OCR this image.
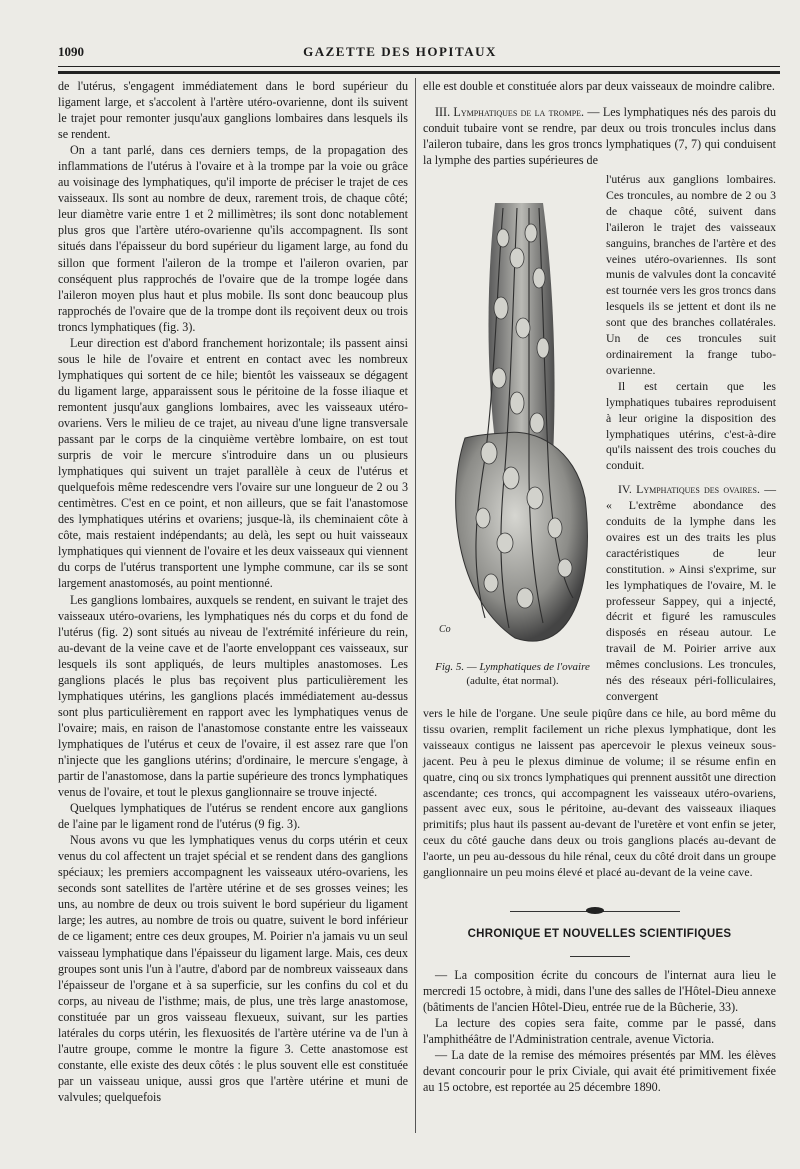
1090	GAZETTE DES HOPITAUX

de l'utérus, s'engagent immédiatement dans le bord supérieur du ligament large, et s'accolent à l'artère utéro-ovarienne, dont ils suivent le trajet pour remonter jusqu'aux ganglions lombaires dans lesquels ils se rendent.

On a tant parlé, dans ces derniers temps, de la propagation des inflammations de l'utérus à l'ovaire et à la trompe par la voie ou grâce au voisinage des lymphatiques, qu'il importe de préciser le trajet de ces vaisseaux. Ils sont au nombre de deux, rarement trois, de chaque côté; leur diamètre varie entre 1 et 2 millimètres; ils sont donc notablement plus gros que l'artère utéro-ovarienne qu'ils accompagnent. Ils sont situés dans l'épaisseur du bord supérieur du ligament large, au fond du sillon que forment l'aileron de la trompe et l'aileron ovarien, par conséquent plus rapprochés de l'ovaire que de la trompe logée dans l'aileron moyen plus haut et plus mobile. Ils sont donc beaucoup plus rapprochés de l'ovaire que de la trompe dont ils reçoivent deux ou trois troncs lymphatiques (fig. 3).

Leur direction est d'abord franchement horizontale; ils passent ainsi sous le hile de l'ovaire et entrent en contact avec les nombreux lymphatiques qui sortent de ce hile; bientôt les vaisseaux se dégagent du ligament large, apparaissent sous le péritoine de la fosse iliaque et remontent jusqu'aux ganglions lombaires, avec les vaisseaux utéro-ovariens. Vers le milieu de ce trajet, au niveau d'une ligne transversale passant par le corps de la cinquième vertèbre lombaire, on est tout surpris de voir le mercure s'introduire dans un ou plusieurs lymphatiques qui suivent un trajet parallèle à ceux de l'utérus et quelquefois même redescendre vers l'ovaire sur une longueur de 2 ou 3 centimètres. C'est en ce point, et non ailleurs, que se fait l'anastomose des lymphatiques utérins et ovariens; jusque-là, ils cheminaient côte à côte, mais restaient indépendants; au delà, les sept ou huit vaisseaux lymphatiques qui viennent de l'ovaire et les deux vaisseaux qui viennent du corps de l'utérus transportent une lymphe commune, car ils se sont largement anastomosés, au point mentionné.

Les ganglions lombaires, auxquels se rendent, en suivant le trajet des vaisseaux utéro-ovariens, les lymphatiques nés du corps et du fond de l'utérus (fig. 2) sont situés au niveau de l'extrémité inférieure du rein, au-devant de la veine cave et de l'aorte enveloppant ces vaisseaux, sur lesquels ils sont appliqués, de leurs multiples anastomoses. Les ganglions placés le plus bas reçoivent plus particulièrement les lymphatiques utérins, les ganglions placés immédiatement au-dessus sont plus particulièrement en rapport avec les lymphatiques venus de l'ovaire; mais, en raison de l'anastomose constante entre les vaisseaux lymphatiques de l'utérus et ceux de l'ovaire, il est assez rare que l'on n'injecte que les ganglions utérins; d'ordinaire, le mercure s'engage, à partir de l'anastomose, dans la partie supérieure des troncs lymphatiques venus de l'ovaire, et tout le plexus ganglionnaire se trouve injecté.

Quelques lymphatiques de l'utérus se rendent encore aux ganglions de l'aine par le ligament rond de l'utérus (9 fig. 3).

Nous avons vu que les lymphatiques venus du corps utérin et ceux venus du col affectent un trajet spécial et se rendent dans des ganglions spéciaux; les premiers accompagnent les vaisseaux utéro-ovariens, les seconds sont satellites de l'artère utérine et de ses grosses veines; les uns, au nombre de deux ou trois suivent le bord supérieur du ligament large; les autres, au nombre de trois ou quatre, suivent le bord inférieur de ce ligament; entre ces deux groupes, M. Poirier n'a jamais vu un seul vaisseau lymphatique dans l'épaisseur du ligament large. Mais, ces deux groupes sont unis l'un à l'autre, d'abord par de nombreux vaisseaux dans l'épaisseur de l'organe et à sa superficie, sur les confins du col et du corps, au niveau de l'isthme; mais, de plus, une très large anastomose, constituée par un gros vaisseau flexueux, suivant, sur les parties latérales du corps utérin, les flexuosités de l'artère utérine va de l'un à l'autre groupe, comme le montre la figure 3. Cette anastomose est constante, elle existe des deux côtés : le plus souvent elle est constituée par un vaisseau unique, aussi gros que l'artère utérine et muni de valvules; quelquefois

elle est double et constituée alors par deux vaisseaux de moindre calibre.

III. Lymphatiques de la trompe. — Les lymphatiques nés des parois du conduit tubaire vont se rendre, par deux ou trois troncules inclus dans l'aileron tubaire, dans les gros troncs lymphatiques (7, 7) qui conduisent la lymphe des parties supérieures de

l'utérus aux ganglions lombaires. Ces troncules, au nombre de 2 ou 3 de chaque côté, suivent dans l'aileron le trajet des vaisseaux sanguins, branches de l'artère et des veines utéro-ovariennes. Ils sont munis de valvules dont la concavité est tournée vers les gros troncs dans lesquels ils se jettent et dont ils ne sont que des branches collatérales. Un de ces troncules suit ordinairement la frange tubo-ovarienne.

Il est certain que les lymphatiques tubaires reproduisent à leur origine la disposition des lymphatiques utérins, c'est-à-dire qu'ils naissent des trois couches du conduit.

IV. Lymphatiques des ovaires. — « L'extrême abondance des conduits de la lymphe dans les ovaires est un des traits les plus caractéristiques de leur constitution. » Ainsi s'exprime, sur les lymphatiques de l'ovaire, M. le professeur Sappey, qui a injecté, décrit et figuré les ramuscules disposés en réseau autour. Le travail de M. Poirier arrive aux mêmes conclusions. Les troncules, nés des réseaux péri-folliculaires, convergent

Co
Fig. 5. — Lymphatiques de l'ovaire
(adulte, état normal).

vers le hile de l'organe. Une seule piqûre dans ce hile, au bord même du tissu ovarien, remplit facilement un riche plexus lymphatique, dont les vaisseaux contigus ne laissent pas apercevoir le plexus veineux sous-jacent. Peu à peu le plexus diminue de volume; il se résume enfin en quatre, cinq ou six troncs lymphatiques qui prennent aussitôt une direction ascendante; ces troncs, qui accompagnent les vaisseaux utéro-ovariens, passent avec eux, sous le péritoine, au-devant des vaisseaux iliaques primitifs; plus haut ils passent au-devant de l'uretère et vont enfin se jeter, ceux du côté gauche dans deux ou trois ganglions placés au-devant de l'aorte, un peu au-dessous du hile rénal, ceux du côté droit dans un groupe ganglionnaire un peu moins élevé et placé au-devant de la veine cave.

CHRONIQUE ET NOUVELLES SCIENTIFIQUES

— La composition écrite du concours de l'internat aura lieu le mercredi 15 octobre, à midi, dans l'une des salles de l'Hôtel-Dieu annexe (bâtiments de l'ancien Hôtel-Dieu, entrée rue de la Bûcherie, 33).

La lecture des copies sera faite, comme par le passé, dans l'amphithéâtre de l'Administration centrale, avenue Victoria.

— La date de la remise des mémoires présentés par MM. les élèves devant concourir pour le prix Civiale, qui avait été primitivement fixée au 15 octobre, est reportée au 25 décembre 1890.
